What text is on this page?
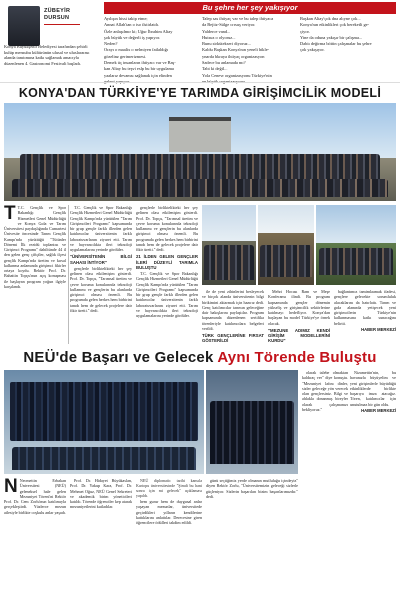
ZÜBEYİR
DURSUN
Konya Büyükşehir Belediyesi tarafından şehirli kulüp mensubu kültürünün ulusal ve uluslararası alanda tanıtımına katkı sağlamak amacıyla düzenlenen 4. Gastronomi Festivali başladı.
Bu şehre her şey yakışıyor
Ayılışın hissi takip etme;
Annat Allah'tan o iso ilstirlatdı.
Özle anlaşılmır ki; Uğur İbrahim Altay
şok büyük ve değerli iş yapıyor.
Neden?
Orayı o maalix o nelmiyen fatlaldığı
gözelinz gerimerizmesi.
Demek üç insanların ihtiyacı var ve Baş-
kan Altay bu teşvi eslp bu bir uygulama
yaalarız devamsı sağlanak için elinden
Talep sas ihtiyaç var ve bu talep ihtiyaca
da Bejiiz-Sülge crrsuş veriyor.
Yalderce vand...
Hutsuz o olyoruz...
Bunu sirkütekseri diyoruz...
Kaldu Başkan Konya'nın yeneli hikle-
ynarda bkraya ihtiyaç organizasyon
Sadece bu anlamada mı?
Tabi ki değil...
Yola Cenevr organizasyonu Türkiye'nin
Başkan Altay'çok dna alıyne çok...
Konya'nın etkinlikleri çok bereketli ge-
çiyor.
Yine da oduna yakışır bir çalışma...
Dabiı değirma böttin çalışmalar bu şehre
çok yakışıyor.
KONYA'DAN TÜRKİYE'YE TARIMDA GİRİŞİMCİLİK MODELİ
T T.C. Gençlik ve Spor Bakanlığı Gençlik Hizmetleri Genel Müdürlüğü ve Konya Gıda ve Tarım Üniversitesi paydaşlığında Cumartesi Ünivesite öncesinde Tarım Gençlik Kampı'nda yürüttüğü "Tütünler Dönemi İlk rezidü toplantısı ve Girişimci Programı" dahiltünde 44 il den gelen genç çiftçiler, sağlık ilçesi gençlik Kampı'nda üretim ve kırsal kalkınma anlamında girişimci fikirler ortaya koydu. Rektör Prof. Dr. Bahattin Topçu'nun açış konuşması ile başlayan program yoğun ilgiyle karşılandı.

T.C. Gençlik ve Spor Bakanlığı Gençlik Hizmetleri Genel Müdürlüğü Gençlik Kampı'nda yürütülen "Tarım Girişimcileri Programı" kapsamında bir grup gençle farklı illerden gelen katılımcılar üniversitenin farklı laboratuvarlarını ziyaret etti. Tarım ve hayvancılıkta ileri teknoloji uygulamalarını yerinde gördüler.

"ÜNİVERSİTENİN BİLGİ SAHASI İNTİYOR"

gençlerle birliktelikteki her şey gelinen olası etkilenişim gösterdi. Prof. Dr. Topçu, "Tarımsal üretim ve çevre koruma konularında teknoloji kullanımı ve gençlerin bu alanlarda girişimci olması önemli. Bu programda gelen herkes hem birbirini tanıdı hem de gelecek projelere dair fikir üretti." dedi.

gençlerle birliktelikteki her şey gelinen olası etkilenişim gösterdi. Prof. Dr. Topçu, "Tarımsal üretim ve çevre koruma konularında teknoloji kullanımı ve gençlerin bu alanlarda girişimci olması önemli. Bu programda gelen herkes hem birbirini tanıdı hem de gelecek projelere dair fikir üretti." dedi.

21 İLDEN GELEN GENÇLER İLERİ DÜZEYLİ TARIMLA BULUŞTU

T.C. Gençlik ve Spor Bakanlığı Gençlik Hizmetleri Genel Müdürlüğü Gençlik Kampı'nda yürütülen "Tarım Girişimcileri Programı" kapsamında bir grup gençle farklı illerden gelen katılımcılar üniversitenin farklı laboratuvarlarını ziyaret etti. Tarım ve hayvancılıkta ileri teknoloji uygulamalarını yerinde gördüler.

ile de yeni zihinlerini besleyecek ve birçok alanda üniversitenin bilgi birikimini aktarmak için hazırız dedi. Genç katılımcılar tarımın geleceğine dair bakışlarını paylaştılar. Program kapsamında düzenlenen sertifika törenleriyle katılımcılara belgeleri verildi.

TÜRK GENÇLERİNE FIRSAT GÖSTERİLDİ

Mehri Hocası Ram ve Meşe Konferansı ilindi. Bu program kapsamında gençler dönemin yükseliş ve girişimcilik sektörlerine katılmayı hedefliyor. Konya'dan başlayan bu model Türkiye'ye örnek olacak.

"MEZUNE ADIMIZ KENDİ GİRİŞİM MODELLERİNİ KURDU"

bağlantımız tamimlaamak ifadesi, gençlere gelecekte sorumluluk alacaklarını da hatırlattı. Tarım ve gıda alanında yetişecek yeni girişimcilerin Türkiye'nin kalkınmasına katkı sunacağını belirtti.

HABER MERKEZİ
NEÜ'de Başarı ve Gelecek Aynı Törende Buluştu
N Necmettin Erbakan Üniversitesi (NEÜ) geleneksel hale gelen Mezuniyet Töreni'ni Rektör Prof. Dr. Cem Zorlu'nun katılımıyla gerçekleştirdi. Yüzlerce mezun ailesiyle birlikte coşkulu anlar yaşadı.

Prof. Dr. Hidayet Büyükaslan, Prof. Dr. Yakup Kara, Prof. Dr. Mehmet Oğuz, NEÜ Genel Sekreteri ve akademik birim yöneticileri katıldı. Törende öğrenciler kep atarak mezuniyetlerini kutladılar.

NEÜ diplomatic tarihi kansıla Kartopu üniversitesinde "Şimdi bu hani sonra için mi gelecek" açıklaması yapıldı.

hem gurur hem de duygusal anlar yaşayan mezunlar, üniversitede geçirdikleri yılların kendilerine kattıklarını anlattılar. Derecesine giren öğrencilere ödülleri takdim edildi.

günü seçtiğimiz yerde olmanın mutluluğu içindeyiz" diyen Rektör Zorlu, "Üniversitemizin geleceği sizlerle güçleniyor. Sizlerin başarıları bizim başarılarımızdır." dedi.

olarak talebe olmaktan kaldıraç ver" diye konuştu. "Mezuniyet lafını dinler, sizler geleceğe yön verecek olan gençlersiniz. Bilgi ve ahlakla donanmış bireyler olarak çalışmanızı bekliyoruz."

Nizamettin'nin, bu havanızla büyüyelim ve yeni girişimlerle büyüdüğü etkinliklerde birlikte başarıya imza atacağız. Tören, katılımcılar için unutulmaz bir gün oldu.

HABER MERKEZİ
